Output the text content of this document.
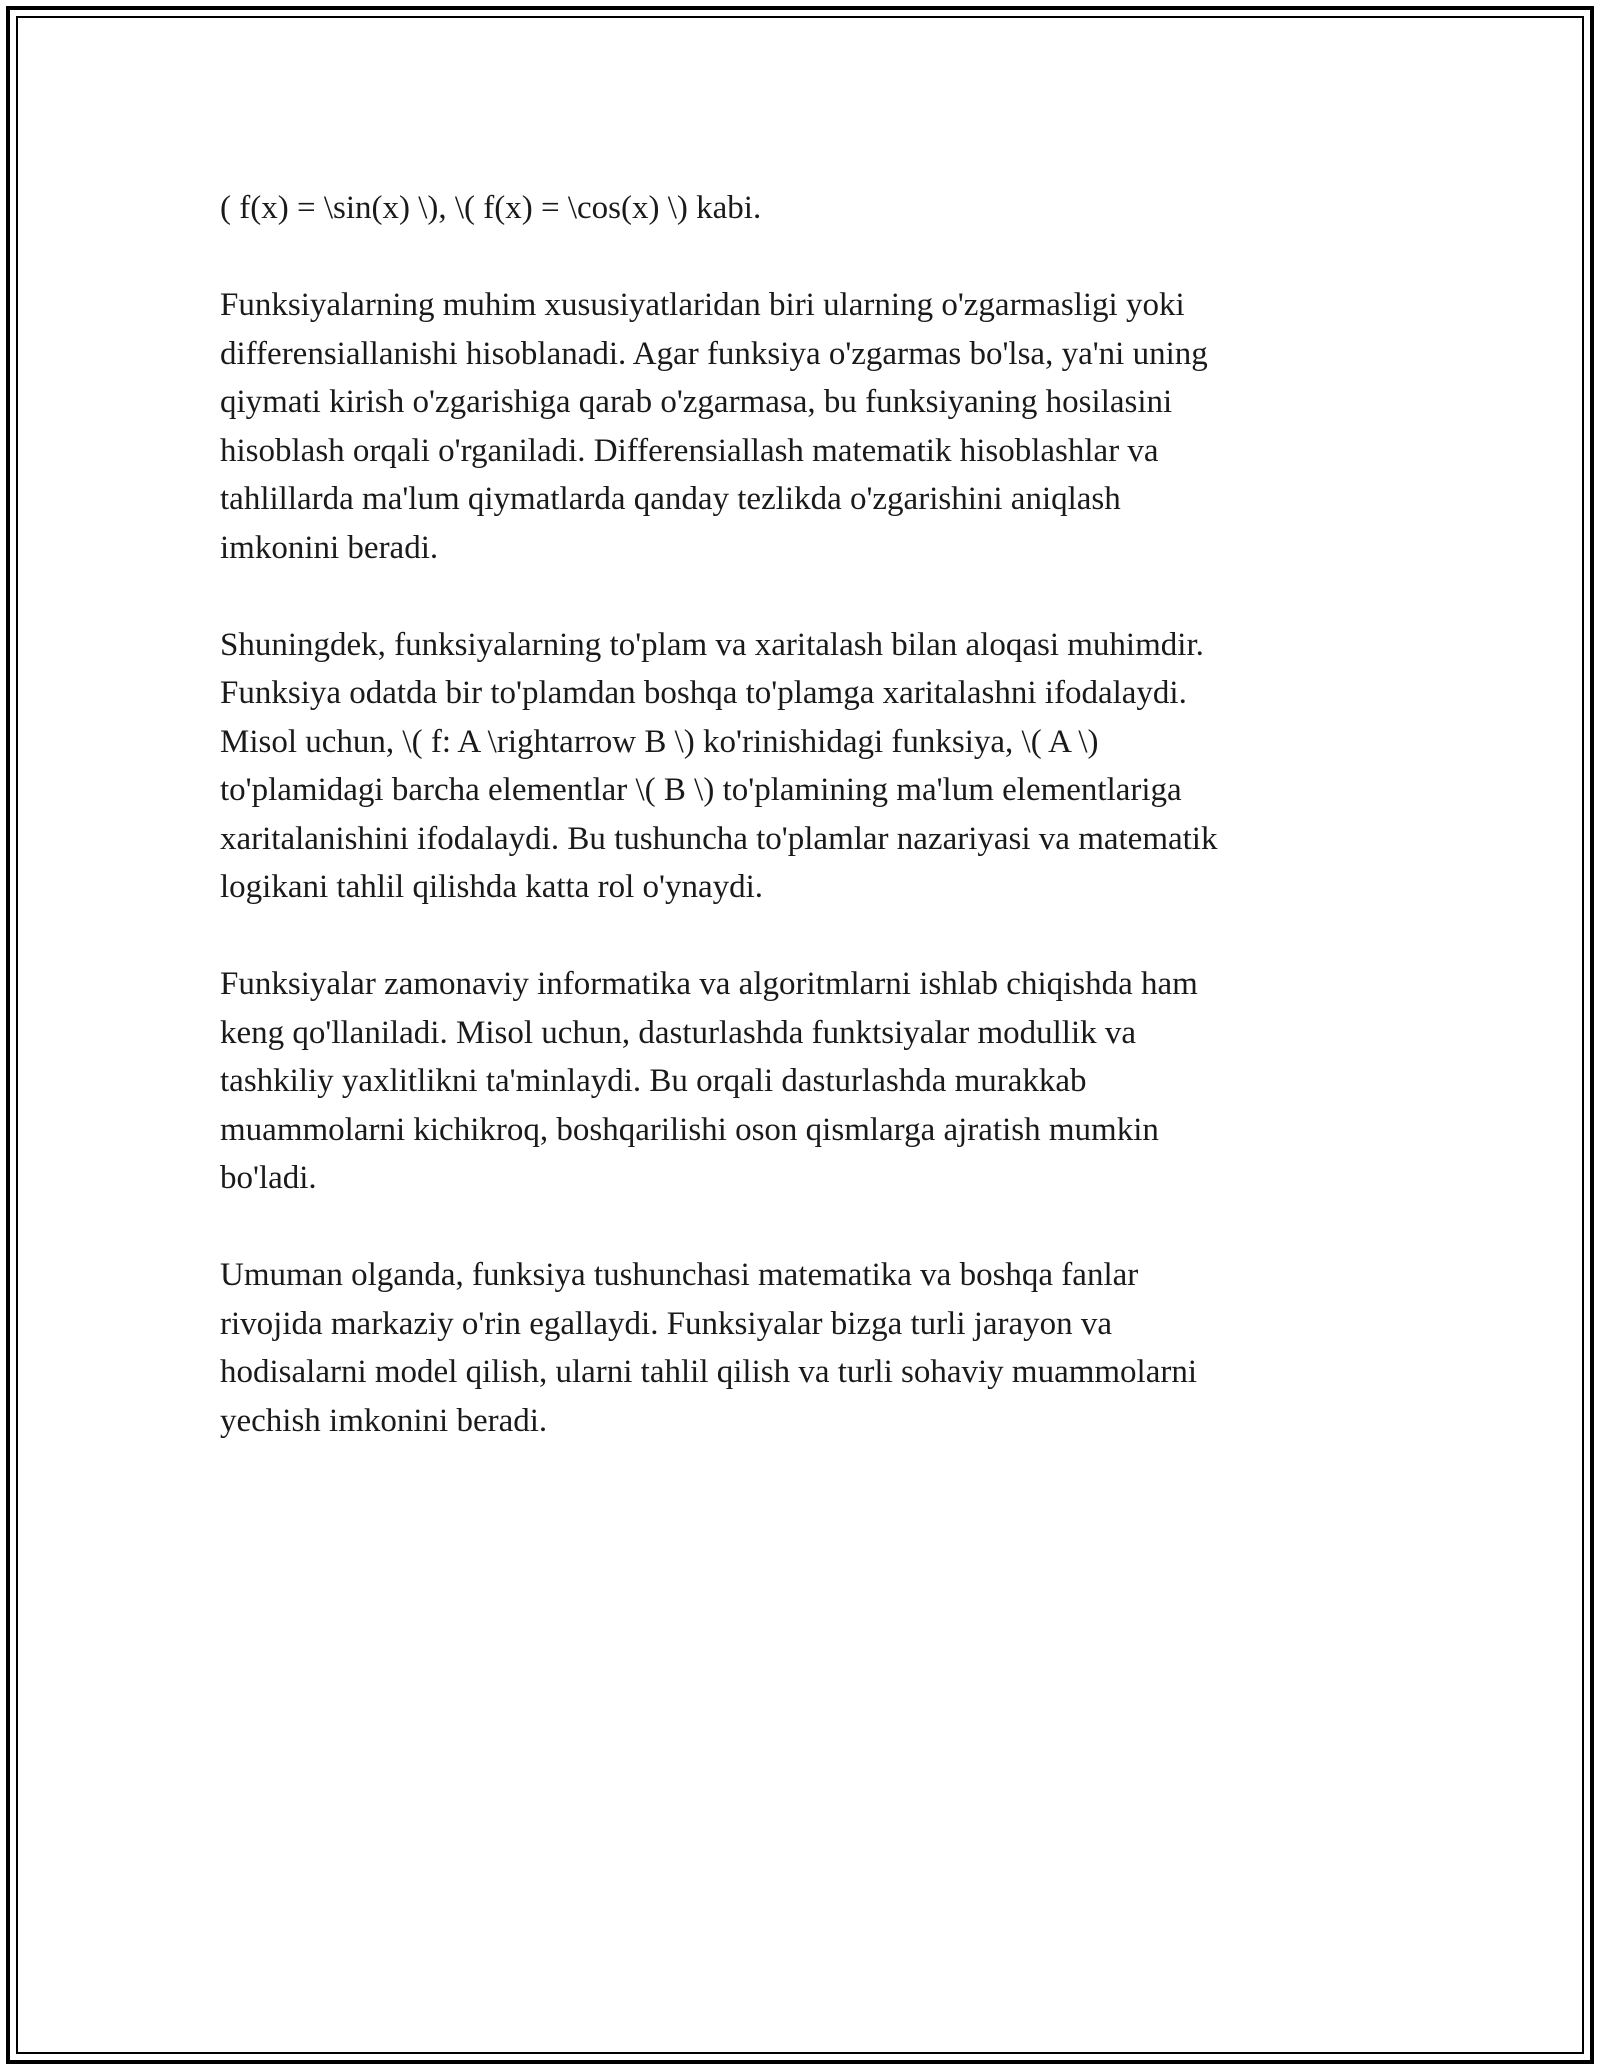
( f(x) = \sin(x) \), \( f(x) = \cos(x) \) kabi.

Funksiyalarning muhim xususiyatlaridan biri ularning o'zgarmasligi yoki
differensiallanishi hisoblanadi. Agar funksiya o'zgarmas bo'lsa, ya'ni uning
qiymati kirish o'zgarishiga qarab o'zgarmasa, bu funksiyaning hosilasini
hisoblash orqali o'rganiladi. Differensiallash matematik hisoblashlar va
tahlillarda ma'lum qiymatlarda qanday tezlikda o'zgarishini aniqlash
imkonini beradi.

Shuningdek, funksiyalarning to'plam va xaritalash bilan aloqasi muhimdir.
Funksiya odatda bir to'plamdan boshqa to'plamga xaritalashni ifodalaydi.
Misol uchun, \( f: A \rightarrow B \) ko'rinishidagi funksiya, \( A \)
to'plamidagi barcha elementlar \( B \) to'plamining ma'lum elementlariga
xaritalanishini ifodalaydi. Bu tushuncha to'plamlar nazariyasi va matematik
logikani tahlil qilishda katta rol o'ynaydi.

Funksiyalar zamonaviy informatika va algoritmlarni ishlab chiqishda ham
keng qo'llaniladi. Misol uchun, dasturlashda funktsiyalar modullik va
tashkiliy yaxlitlikni ta'minlaydi. Bu orqali dasturlashda murakkab
muammolarni kichikroq, boshqarilishi oson qismlarga ajratish mumkin
bo'ladi.

Umuman olganda, funksiya tushunchasi matematika va boshqa fanlar
rivojida markaziy o'rin egallaydi. Funksiyalar bizga turli jarayon va
hodisalarni model qilish, ularni tahlil qilish va turli sohaviy muammolarni
yechish imkonini beradi.
